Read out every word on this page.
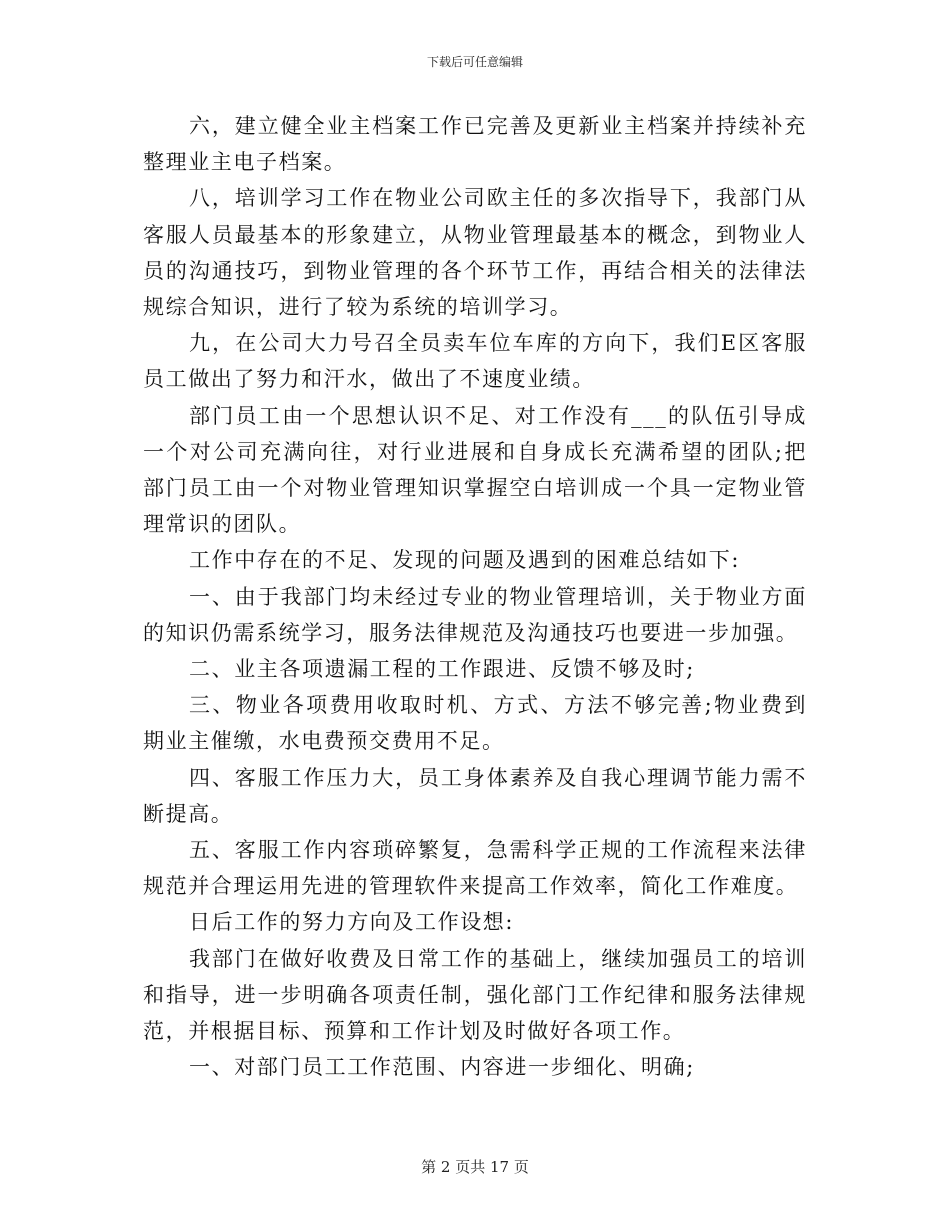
下载后可任意编辑

六，建立健全业主档案工作已完善及更新业主档案并持续补充整理业主电子档案。

八，培训学习工作在物业公司欧主任的多次指导下，我部门从客服人员最基本的形象建立，从物业管理最基本的概念，到物业人员的沟通技巧，到物业管理的各个环节工作，再结合相关的法律法规综合知识，进行了较为系统的培训学习。

九，在公司大力号召全员卖车位车库的方向下，我们E区客服员工做出了努力和汗水，做出了不速度业绩。

部门员工由一个思想认识不足、对工作没有___的队伍引导成一个对公司充满向往，对行业进展和自身成长充满希望的团队;把部门员工由一个对物业管理知识掌握空白培训成一个具一定物业管理常识的团队。

工作中存在的不足、发现的问题及遇到的困难总结如下:

一、由于我部门均未经过专业的物业管理培训，关于物业方面的知识仍需系统学习，服务法律规范及沟通技巧也要进一步加强。

二、业主各项遗漏工程的工作跟进、反馈不够及时;

三、物业各项费用收取时机、方式、方法不够完善;物业费到期业主催缴，水电费预交费用不足。

四、客服工作压力大，员工身体素养及自我心理调节能力需不断提高。

五、客服工作内容琐碎繁复，急需科学正规的工作流程来法律规范并合理运用先进的管理软件来提高工作效率，简化工作难度。

日后工作的努力方向及工作设想:

我部门在做好收费及日常工作的基础上，继续加强员工的培训和指导，进一步明确各项责任制，强化部门工作纪律和服务法律规范，并根据目标、预算和工作计划及时做好各项工作。

一、对部门员工工作范围、内容进一步细化、明确;

第 2 页共 17 页
